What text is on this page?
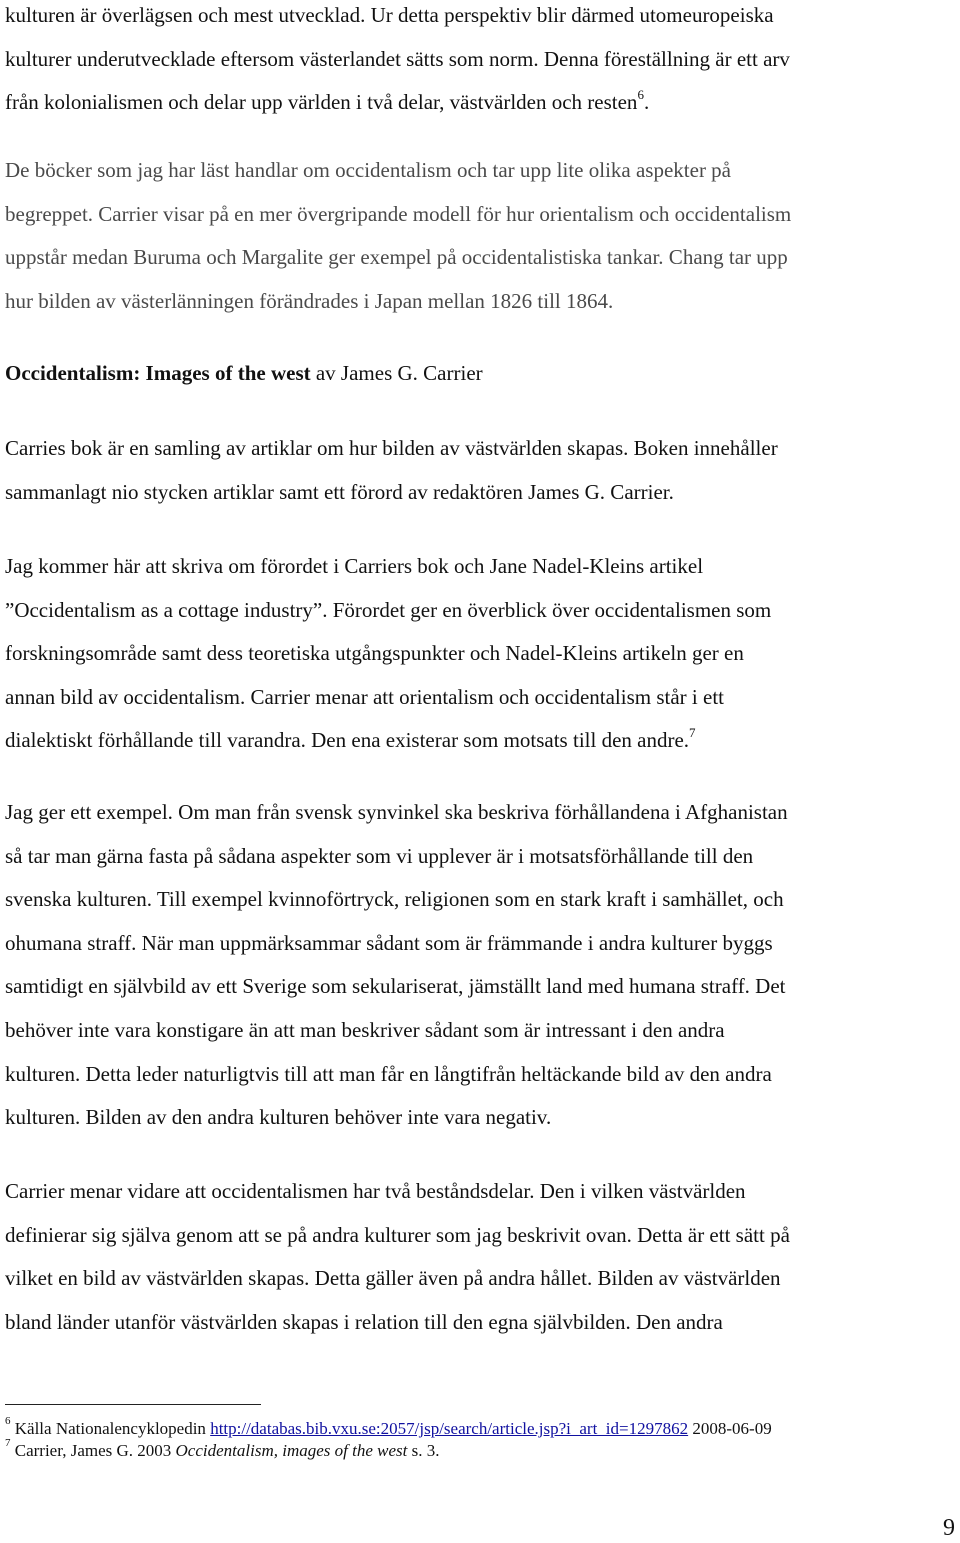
kulturen är överlägsen och mest utvecklad. Ur detta perspektiv blir därmed utomeuropeiska
kulturer underutvecklade eftersom västerlandet sätts som norm. Denna föreställning är ett arv
från kolonialismen och delar upp världen i två delar, västvärlden och resten$^6$.

De böcker som jag har läst handlar om occidentalism och tar upp lite olika aspekter på
begreppet. Carrier visar på en mer övergripande modell för hur orientalism och occidentalism
uppstår medan Buruma och Margalite ger exempel på occidentalistiska tankar. Chang tar upp
hur bilden av västerlänningen förändrades i Japan mellan 1826 till 1864.

Occidentalism: Images of the west av James G. Carrier

Carries bok är en samling av artiklar om hur bilden av västvärlden skapas. Boken innehåller
sammanlagt nio stycken artiklar samt ett förord av redaktören James G. Carrier.

Jag kommer här att skriva om förordet i Carriers bok och Jane Nadel-Kleins artikel
”Occidentalism as a cottage industry”. Förordet ger en överblick över occidentalismen som
forskningsområde samt dess teoretiska utgångspunkter och Nadel-Kleins artikeln ger en
annan bild av occidentalism. Carrier menar att orientalism och occidentalism står i ett
dialektiskt förhållande till varandra. Den ena existerar som motsats till den andre.$^7$

Jag ger ett exempel. Om man från svensk synvinkel ska beskriva förhållandena i Afghanistan
så tar man gärna fasta på sådana aspekter som vi upplever är i motsatsförhållande till den
svenska kulturen. Till exempel kvinnoförtryck, religionen som en stark kraft i samhället, och
ohumana straff. När man uppmärksammar sådant som är främmande i andra kulturer byggs
samtidigt en självbild av ett Sverige som sekulariserat, jämställt land med humana straff. Det
behöver inte vara konstigare än att man beskriver sådant som är intressant i den andra
kulturen. Detta leder naturligtvis till att man får en långtifrån heltäckande bild av den andra
kulturen. Bilden av den andra kulturen behöver inte vara negativ.

Carrier menar vidare att occidentalismen har två beståndsdelar. Den i vilken västvärlden
definierar sig själva genom att se på andra kulturer som jag beskrivit ovan. Detta är ett sätt på
vilket en bild av västvärlden skapas. Detta gäller även på andra hållet. Bilden av västvärlden
bland länder utanför västvärlden skapas i relation till den egna självbilden. Den andra

$^6$ Källa Nationalencyklopedin http://databas.bib.vxu.se:2057/jsp/search/article.jsp?i_art_id=1297862 2008-06-09
$^7$ Carrier, James G. 2003 Occidentalism, images of the west s. 3.
9
